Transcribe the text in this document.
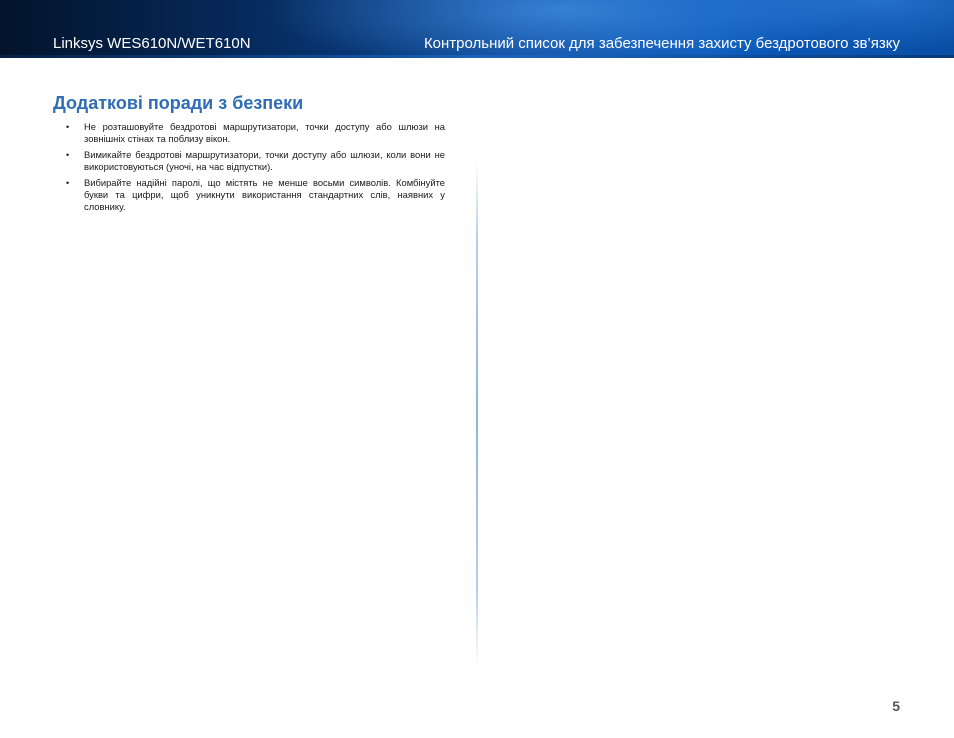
Linksys WES610N/WET610N	Контрольний список для забезпечення захисту бездротового зв’язку
Додаткові поради з безпеки
• Не розташовуйте бездротові маршрутизатори, точки доступу або шлюзи на зовнішніх стінах та поблизу вікон.
• Вимикайте бездротові маршрутизатори, точки доступу або шлюзи, коли вони не використовуються (уночі, на час відпустки).
• Вибирайте надійні паролі, що містять не менше восьми символів. Комбінуйте букви та цифри, щоб уникнути використання стандартних слів, наявних у словнику.
5
